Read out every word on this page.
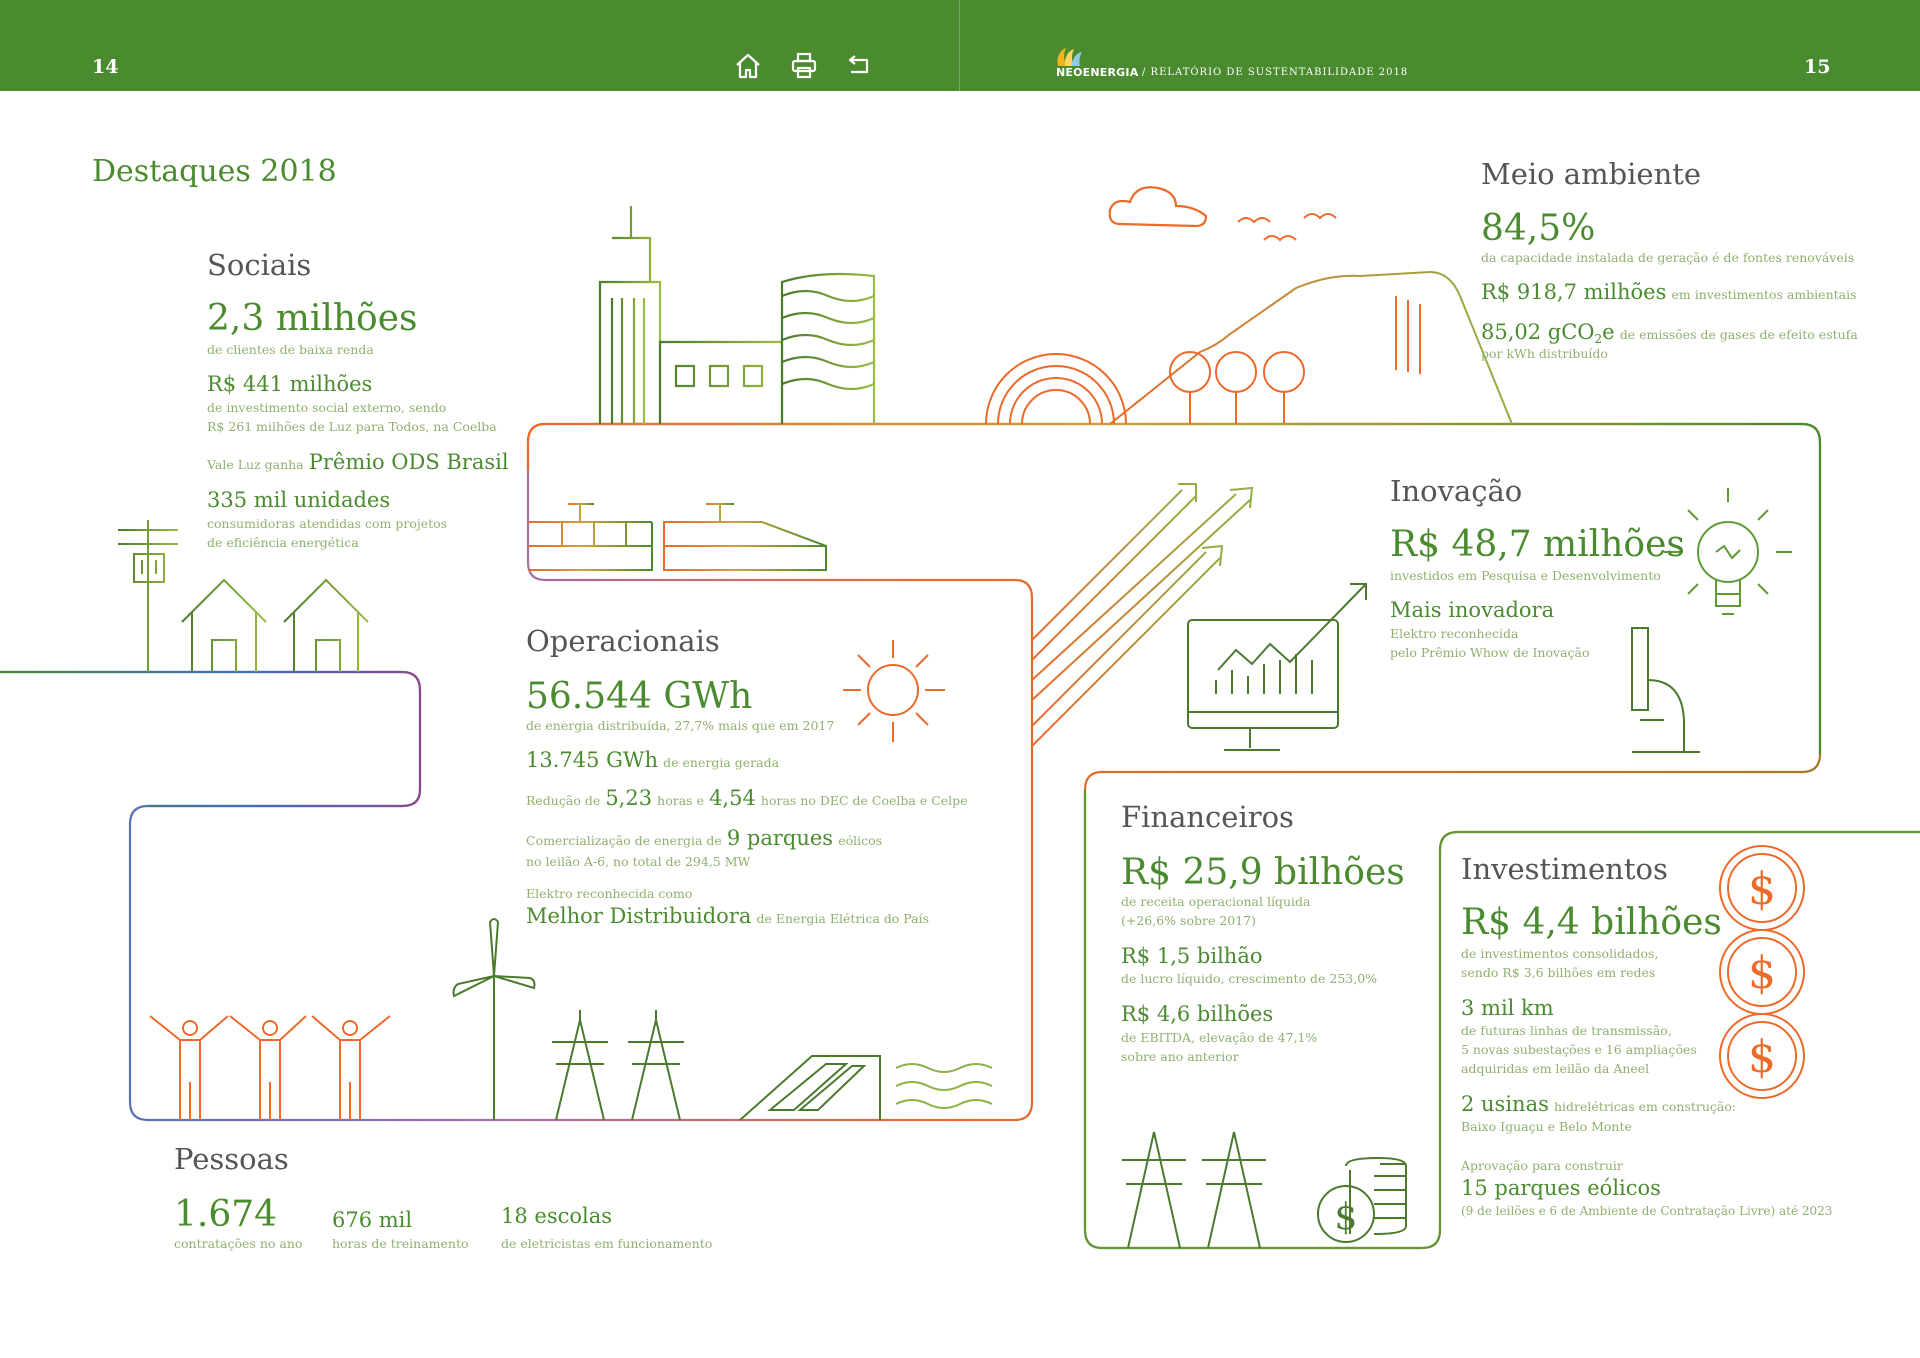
14	NEOENERGIA / RELATÓRIO DE SUSTENTABILIDADE 2018	15
$
$
$
$
Destaques 2018
Sociais
2,3 milhões
de clientes de baixa renda
R$ 441 milhões
de investimento social externo, sendo
R$ 261 milhões de Luz para Todos, na Coelba
Vale Luz ganha Prêmio ODS Brasil
335 mil unidades
consumidoras atendidas com projetos
de eficiência energética
Operacionais
56.544 GWh
de energia distribuída, 27,7% mais que em 2017
13.745 GWh de energia gerada
Redução de 5,23 horas e 4,54 horas no DEC de Coelba e Celpe
Comercialização de energia de 9 parques eólicos
no leilão A-6, no total de 294,5 MW
Elektro reconhecida como
Melhor Distribuidora de Energia Elétrica do País
Meio ambiente
84,5%
da capacidade instalada de geração é de fontes renováveis
R$ 918,7 milhões em investimentos ambientais
85,02 gCO$_2$e de emissões de gases de efeito estufa
por kWh distribuído
Inovação
R$ 48,7 milhões
investidos em Pesquisa e Desenvolvimento
Mais inovadora
Elektro reconhecida
pelo Prêmio Whow de Inovação
Financeiros
R$ 25,9 bilhões
de receita operacional líquida
(+26,6% sobre 2017)
R$ 1,5 bilhão
de lucro líquido, crescimento de 253,0%
R$ 4,6 bilhões
de EBITDA, elevação de 47,1%
sobre ano anterior
Investimentos
R$ 4,4 bilhões
de investimentos consolidados,
sendo R$ 3,6 bilhões em redes
3 mil km
de futuras linhas de transmissão,
5 novas subestações e 16 ampliações
adquiridas em leilão da Aneel
2 usinas hidrelétricas em construção:
Baixo Iguaçu e Belo Monte
Aprovação para construir
15 parques eólicos
(9 de leilões e 6 de Ambiente de Contratação Livre) até 2023
Pessoas
1.674
contratações no ano
676 mil
horas de treinamento
18 escolas
de eletricistas em funcionamento
